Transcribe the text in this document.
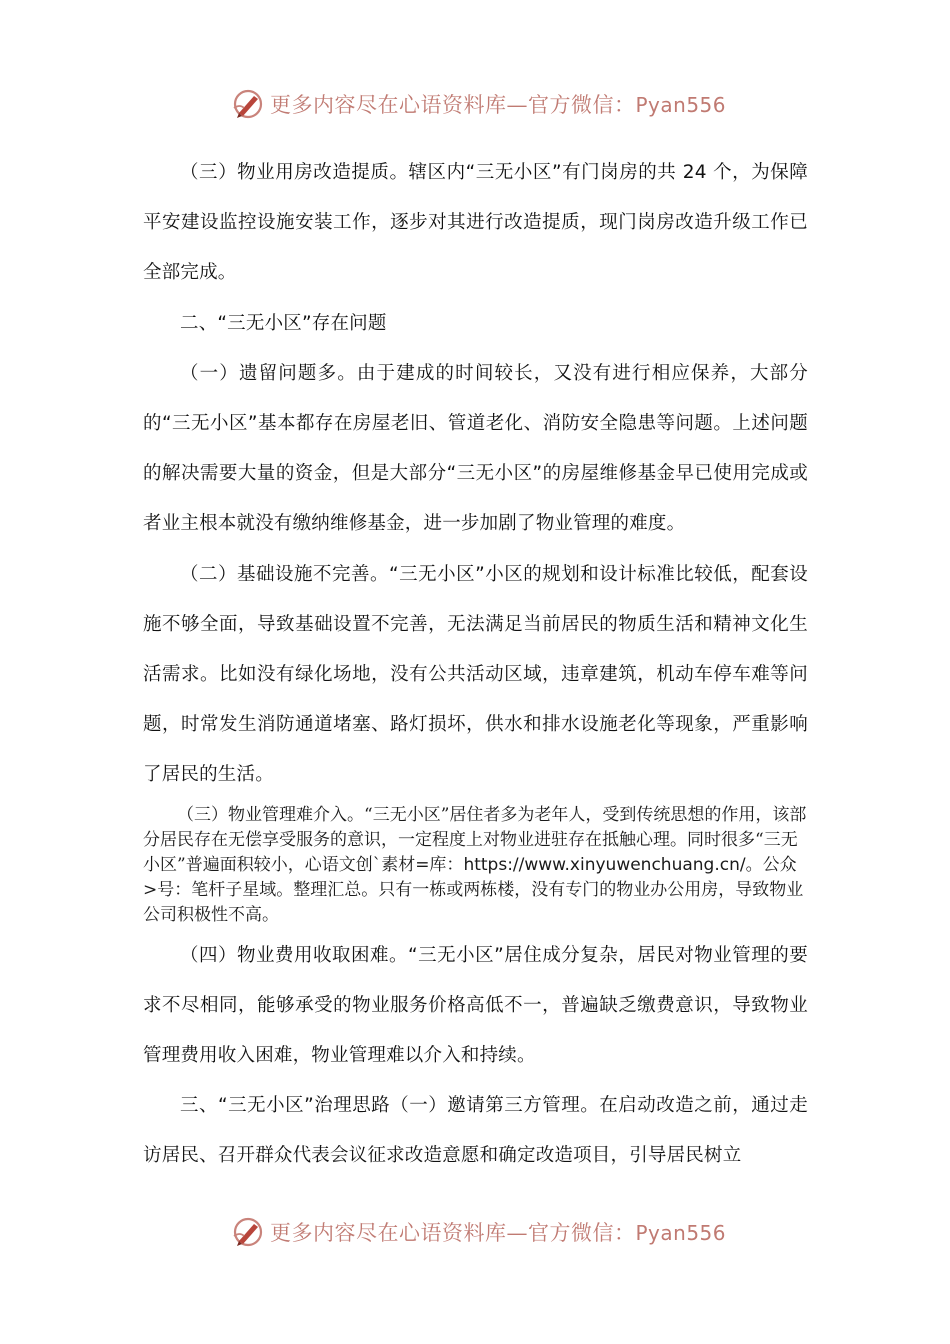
更多内容尽在心语资料库—官方微信：Pyan556

（三）物业用房改造提质。辖区内“三无小区”有门岗房的共 24 个，为保障平安建设监控设施安装工作，逐步对其进行改造提质，现门岗房改造升级工作已全部完成。

二、“三无小区”存在问题

（一）遗留问题多。由于建成的时间较长，又没有进行相应保养，大部分的“三无小区”基本都存在房屋老旧、管道老化、消防安全隐患等问题。上述问题的解决需要大量的资金，但是大部分“三无小区”的房屋维修基金早已使用完成或者业主根本就没有缴纳维修基金，进一步加剧了物业管理的难度。

（二）基础设施不完善。“三无小区”小区的规划和设计标准比较低，配套设施不够全面，导致基础设置不完善，无法满足当前居民的物质生活和精神文化生活需求。比如没有绿化场地，没有公共活动区域，违章建筑，机动车停车难等问题，时常发生消防通道堵塞、路灯损坏，供水和排水设施老化等现象，严重影响了居民的生活。

（三）物业管理难介入。“三无小区”居住者多为老年人，受到传统思想的作用，该部分居民存在无偿享受服务的意识，一定程度上对物业进驻存在抵触心理。同时很多“三无小区”普遍面积较小，心语文创`素材=库：https://www.xinyuwenchuang.cn/。公众>号：笔杆子星域。整理汇总。只有一栋或两栋楼，没有专门的物业办公用房，导致物业公司积极性不高。

（四）物业费用收取困难。“三无小区”居住成分复杂，居民对物业管理的要求不尽相同，能够承受的物业服务价格高低不一，普遍缺乏缴费意识，导致物业管理费用收入困难，物业管理难以介入和持续。

三、“三无小区”治理思路（一）邀请第三方管理。在启动改造之前，通过走访居民、召开群众代表会议征求改造意愿和确定改造项目，引导居民树立

更多内容尽在心语资料库—官方微信：Pyan556
